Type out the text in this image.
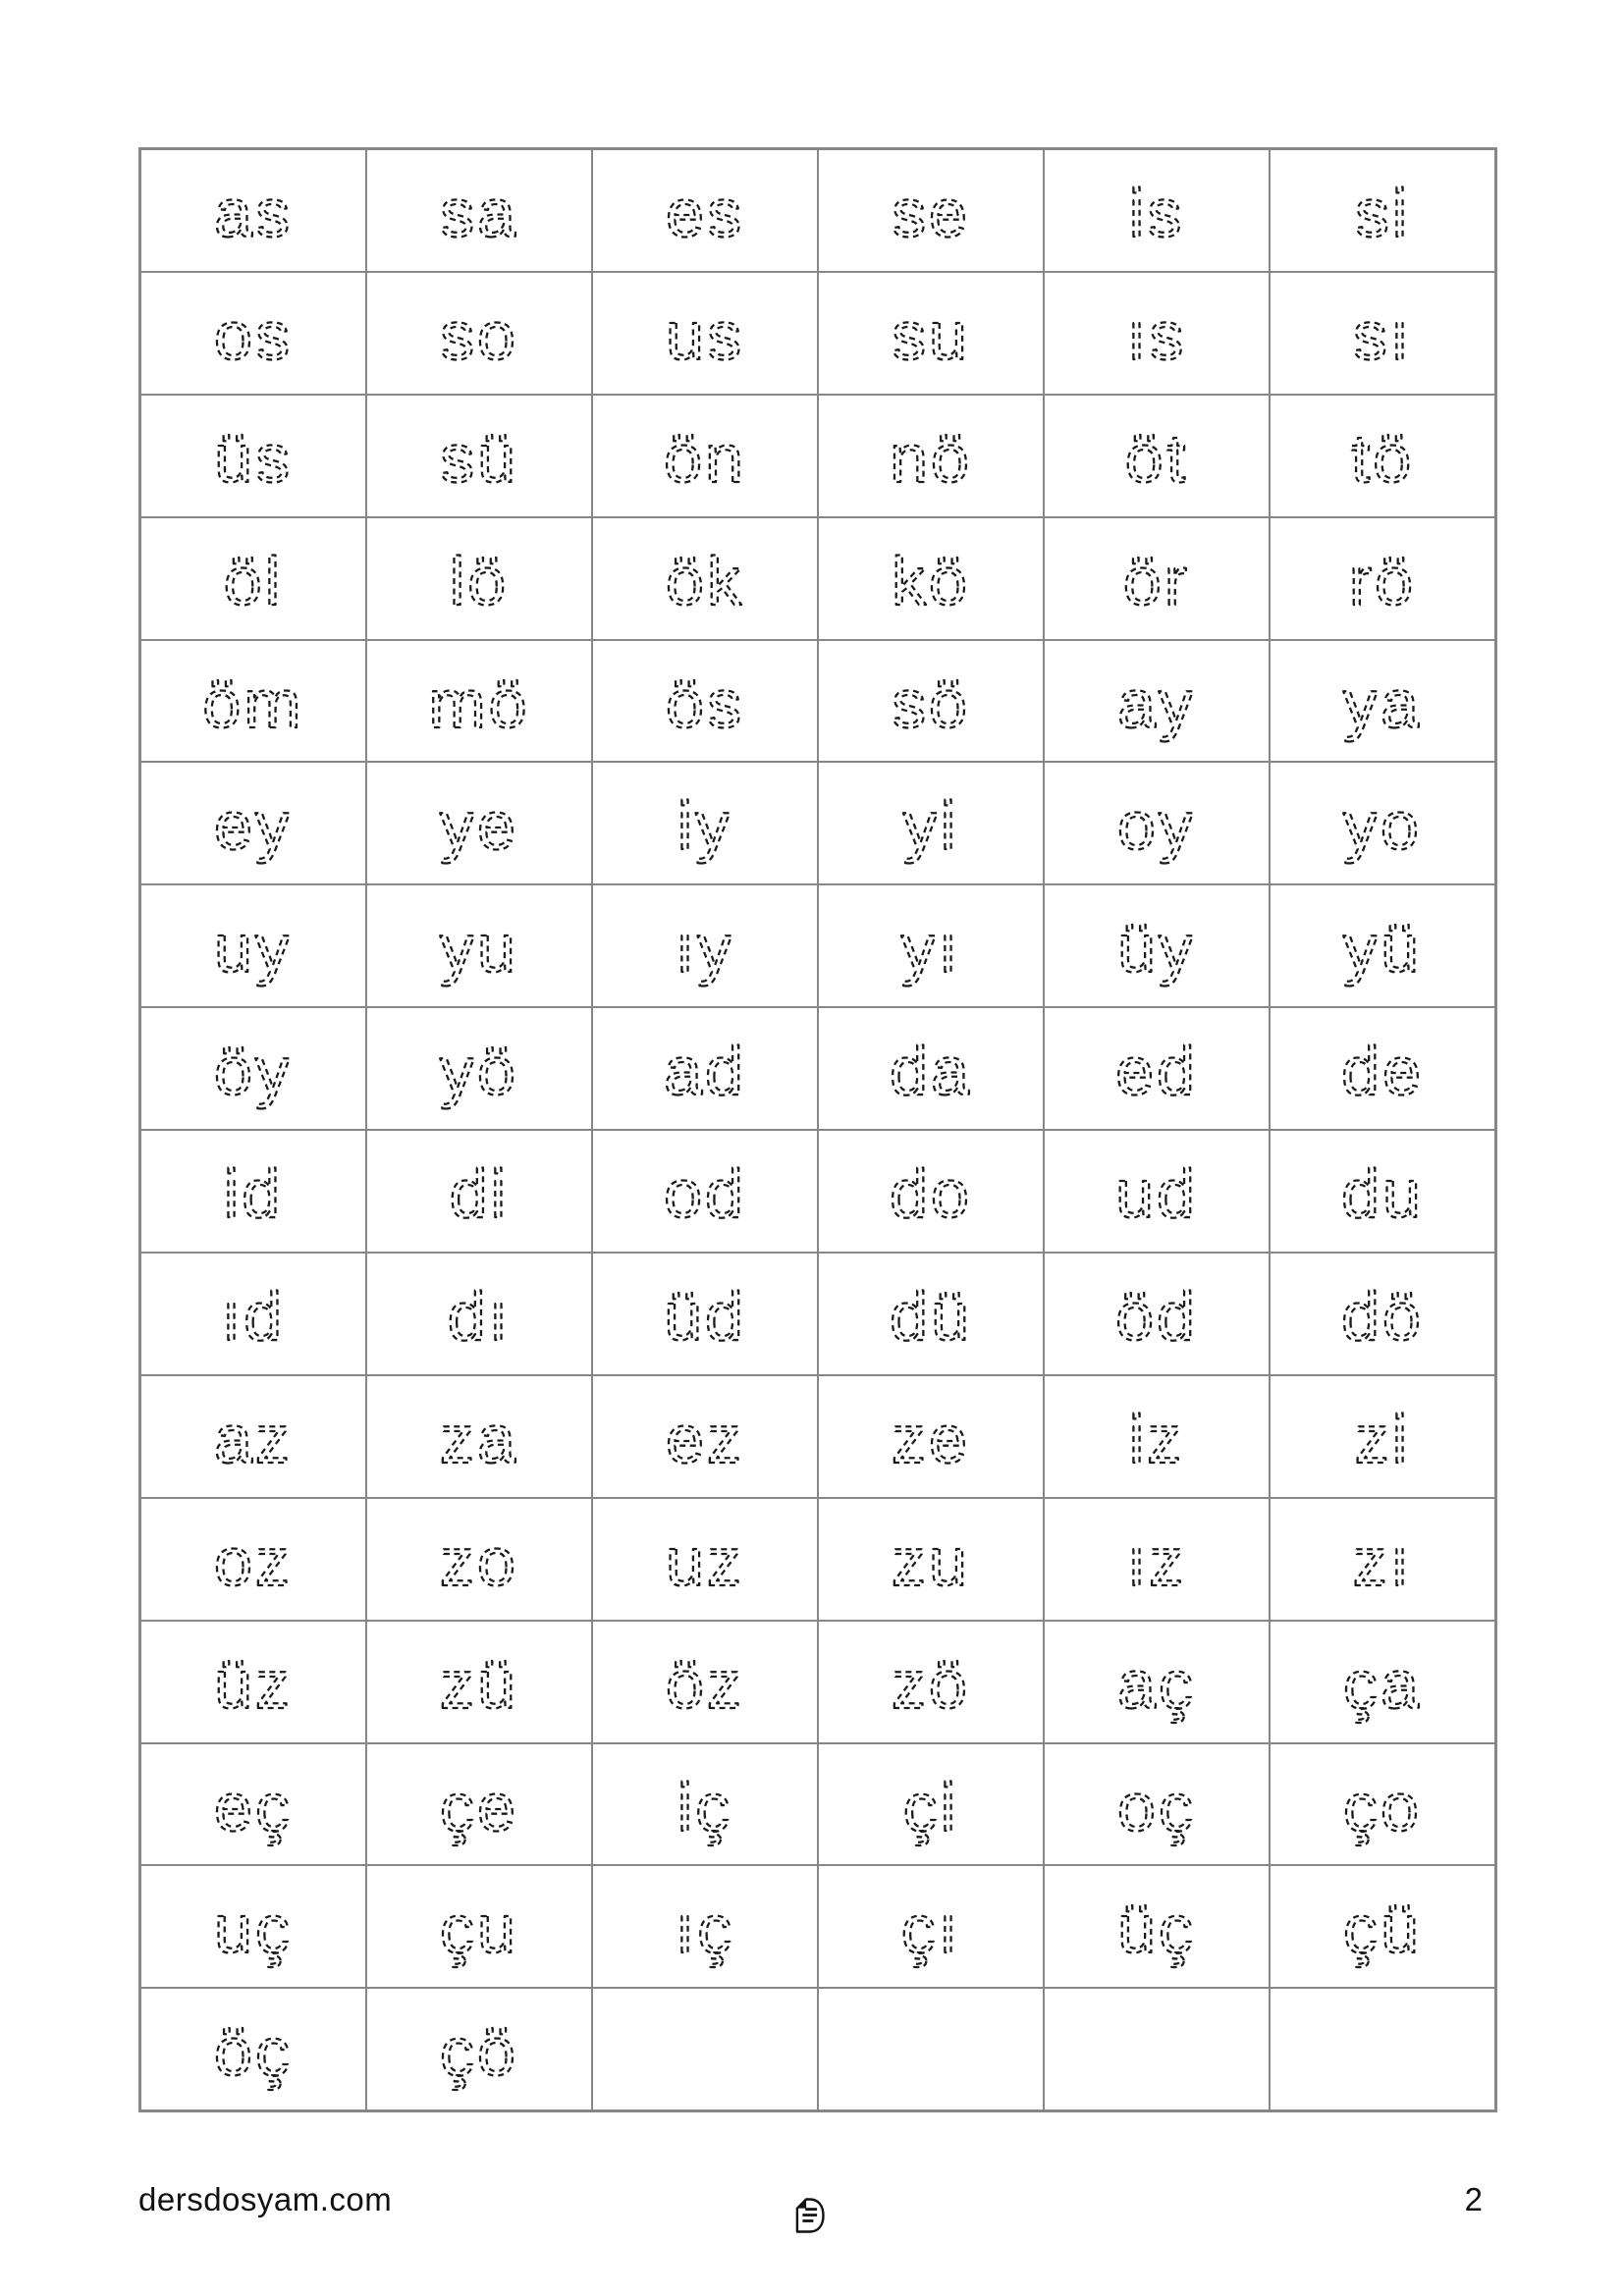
as	sa	es	se	is	si

os	so	us	su	ıs	sı

üs	sü	ön	nö	öt	tö

öl	lö	ök	kö	ör	rö

öm	mö	ös	sö	ay	ya

ey	ye	iy	yi	oy	yo

uy	yu	ıy	yı	üy	yü

öy	yö	ad	da	ed	de

id	di	od	do	ud	du

ıd	dı	üd	dü	öd	dö

az	za	ez	ze	iz	zi

oz	zo	uz	zu	ız	zı

üz	zü	öz	zö	aç	ça

eç	çe	iç	çi	oç	ço

uç	çu	ıç	çı	üç	çü

öç	çö

dersdosyam.com	2
